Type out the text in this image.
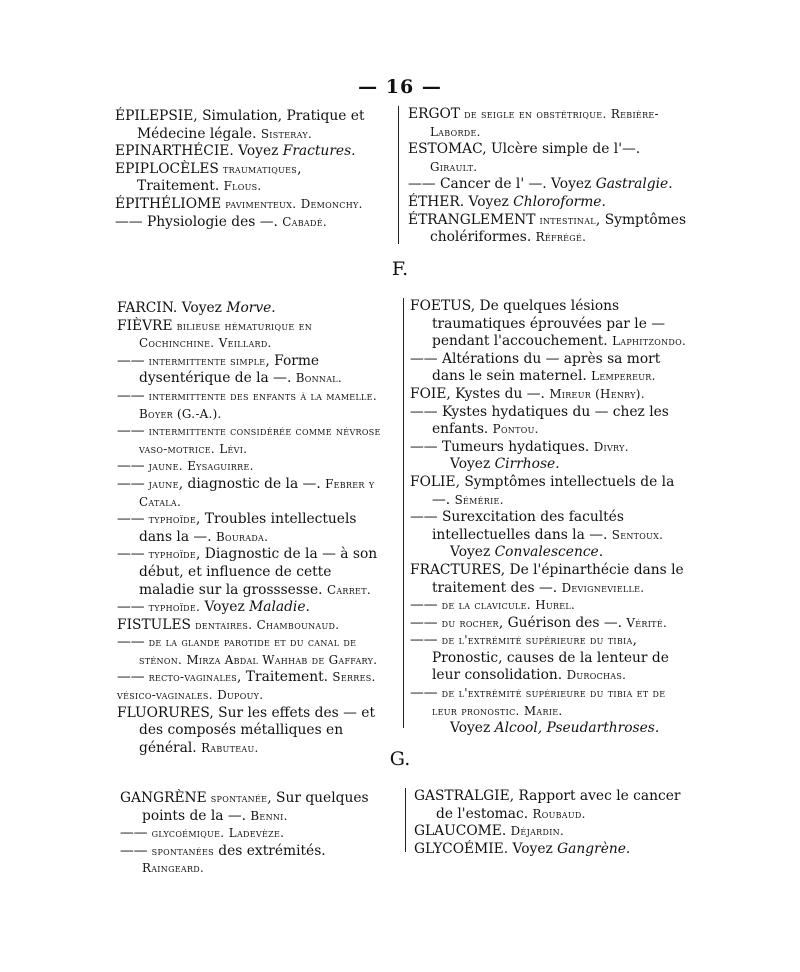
— 16 —
ÉPILEPSIE, Simulation, Pratique et Médecine légale. Sisteray.
EPINARTHÉCIE. Voyez Fractures.
EPIPLOCÈLES traumatiques, Traitement. Flous.
ÉPITHÉLIOME pavimenteux. Demonchy.
—— Physiologie des —. Cabadé.
ERGOT de seigle en obstétrique. Rebière-Laborde.
ESTOMAC, Ulcère simple de l'—. Girault.
—— Cancer de l' —. Voyez Gastralgie.
ÉTHER. Voyez Chloroforme.
ÉTRANGLEMENT intestinal, Symptômes cholériformes. Réfrégé.
F.
FARCIN. Voyez Morve.
FIÈVRE bilieuse hématurique en Cochinchine. Veillard.
—— intermittente simple, Forme dysentérique de la —. Bonnal.
—— intermittente des enfants à la mamelle. Boyer (G.-A.).
—— intermittente considérée comme névrose vaso-motrice. Lévi.
—— jaune. Eysaguirre.
—— jaune, diagnostic de la —. Febrer y Catala.
—— typhoïde, Troubles intellectuels dans la —. Bourada.
—— typhoïde, Diagnostic de la — à son début, et influence de cette maladie sur la grosssesse. Carret.
—— typhoïde. Voyez Maladie.
FISTULES dentaires. Chambounaud.
—— de la glande parotide et du canal de sténon. Mirza Abdal Wahhab de Gaffary.
—— recto-vaginales, Traitement. Serres.
vésico-vaginales. Dupouy.
FLUORURES, Sur les effets des — et des composés métalliques en général. Rabuteau.
FOETUS, De quelques lésions traumatiques éprouvées par le — pendant l'accouchement. Laphitzondo.
—— Altérations du — après sa mort dans le sein maternel. Lempereur.
FOIE, Kystes du —. Mireur (Henry).
—— Kystes hydatiques du — chez les enfants. Pontou.
—— Tumeurs hydatiques. Divry.
Voyez Cirrhose.
FOLIE, Symptômes intellectuels de la—. Sémérie.
—— Surexcitation des facultés intellectuelles dans la —. Sentoux.
Voyez Convalescence.
FRACTURES, De l'épinarthécie dans le traitement des —. Devignevielle.
—— de la clavicule. Hurel.
—— du rocher, Guérison des —. Vérité.
—— de l'extrémité supérieure du tibia, Pronostic, causes de la lenteur de leur consolidation. Durochas.
—— de l'extrémité supérieure du tibia et de leur pronostic. Marie.
Voyez Alcool, Pseudarthroses.
G.
GANGRÈNE spontanée, Sur quelques points de la —. Benni.
—— glycoémique. Ladevèze.
—— spontanées des extrémités. Raingeard.
GASTRALGIE, Rapport avec le cancer de l'estomac. Roubaud.
GLAUCOME. Déjardin.
GLYCOÉMIE. Voyez Gangrène.
